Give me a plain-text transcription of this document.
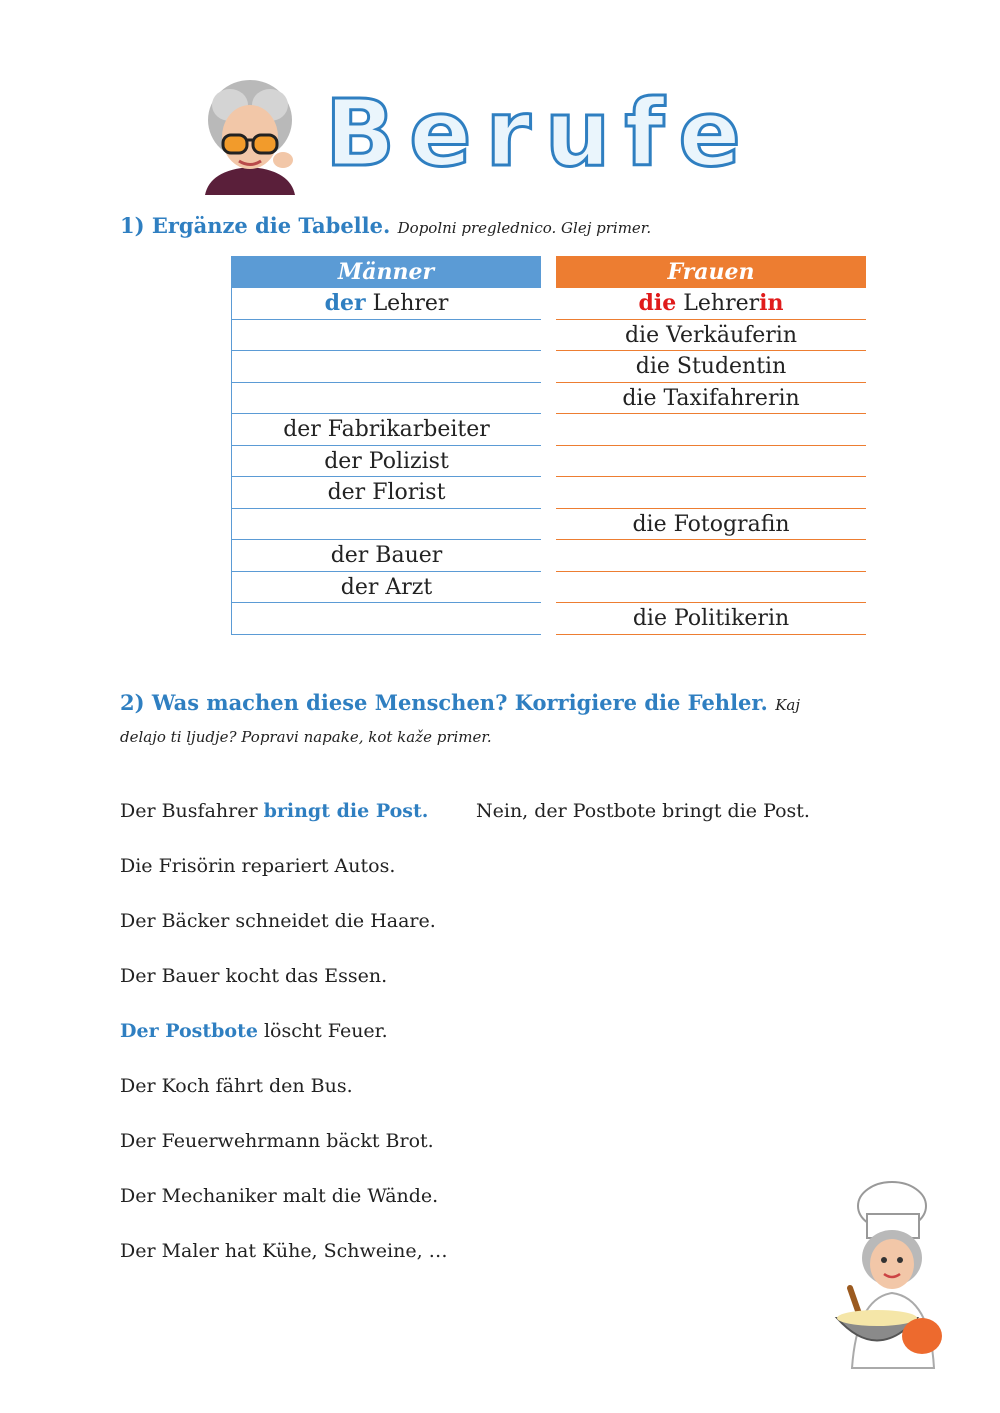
Berufe
1) Ergänze die Tabelle. Dopolni preglednico. Glej primer.
Männer
der Lehrer
der Fabrikarbeiter
der Polizist
der Florist
der Bauer
der Arzt
Frauen
die Lehrerin
die Verkäuferin
die Studentin
die Taxifahrerin
die Fotografin
die Politikerin
2) Was machen diese Menschen? Korrigiere die Fehler. Kaj
delajo ti ljudje? Popravi napake, kot kaže primer.
Der Busfahrer bringt die Post.	Nein, der Postbote bringt die Post.
Die Frisörin repariert Autos.
Der Bäcker schneidet die Haare.
Der Bauer kocht das Essen.
Der Postbote löscht Feuer.
Der Koch fährt den Bus.
Der Feuerwehrmann bäckt Brot.
Der Mechaniker malt die Wände.
Der Maler hat Kühe, Schweine, …
